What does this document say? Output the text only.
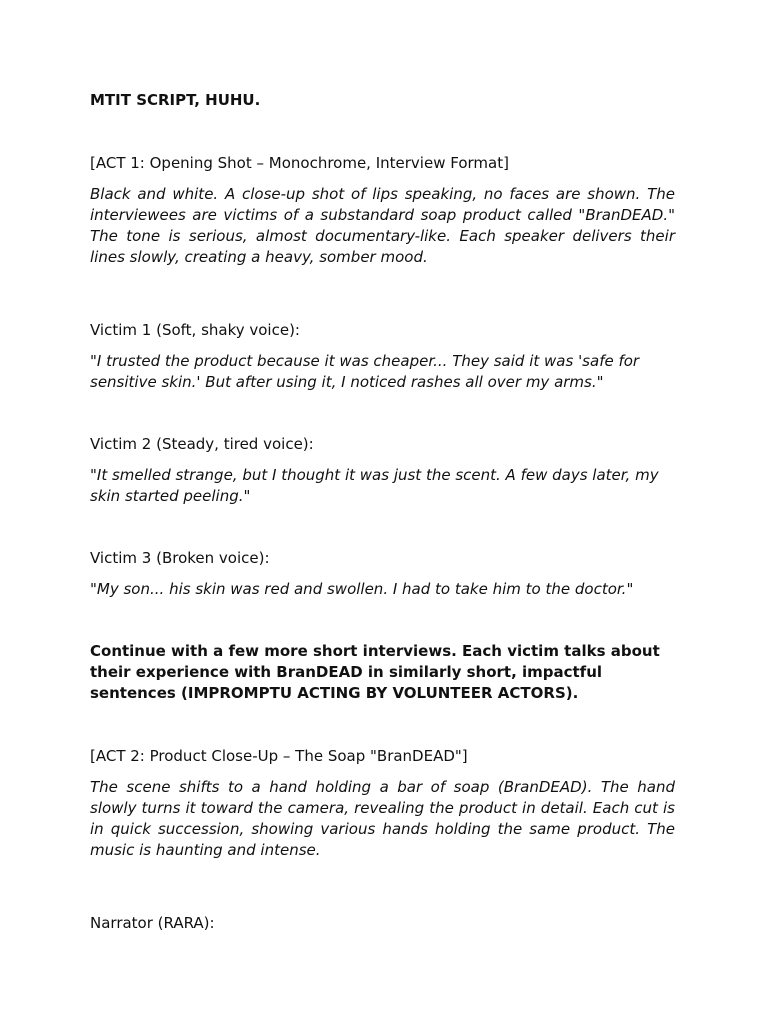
MTIT SCRIPT, HUHU.

[ACT 1: Opening Shot – Monochrome, Interview Format]

Black and white. A close-up shot of lips speaking, no faces are shown. The interviewees are victims of a substandard soap product called "BranDEAD." The tone is serious, almost documentary-like. Each speaker delivers their lines slowly, creating a heavy, somber mood.

Victim 1 (Soft, shaky voice):

"I trusted the product because it was cheaper... They said it was 'safe for sensitive skin.' But after using it, I noticed rashes all over my arms."

Victim 2 (Steady, tired voice):

"It smelled strange, but I thought it was just the scent. A few days later, my skin started peeling."

Victim 3 (Broken voice):

"My son... his skin was red and swollen. I had to take him to the doctor."

Continue with a few more short interviews. Each victim talks about their experience with BranDEAD in similarly short, impactful sentences (IMPROMPTU ACTING BY VOLUNTEER ACTORS).

[ACT 2: Product Close-Up – The Soap "BranDEAD"]

The scene shifts to a hand holding a bar of soap (BranDEAD). The hand slowly turns it toward the camera, revealing the product in detail. Each cut is in quick succession, showing various hands holding the same product. The music is haunting and intense.

Narrator (RARA):
